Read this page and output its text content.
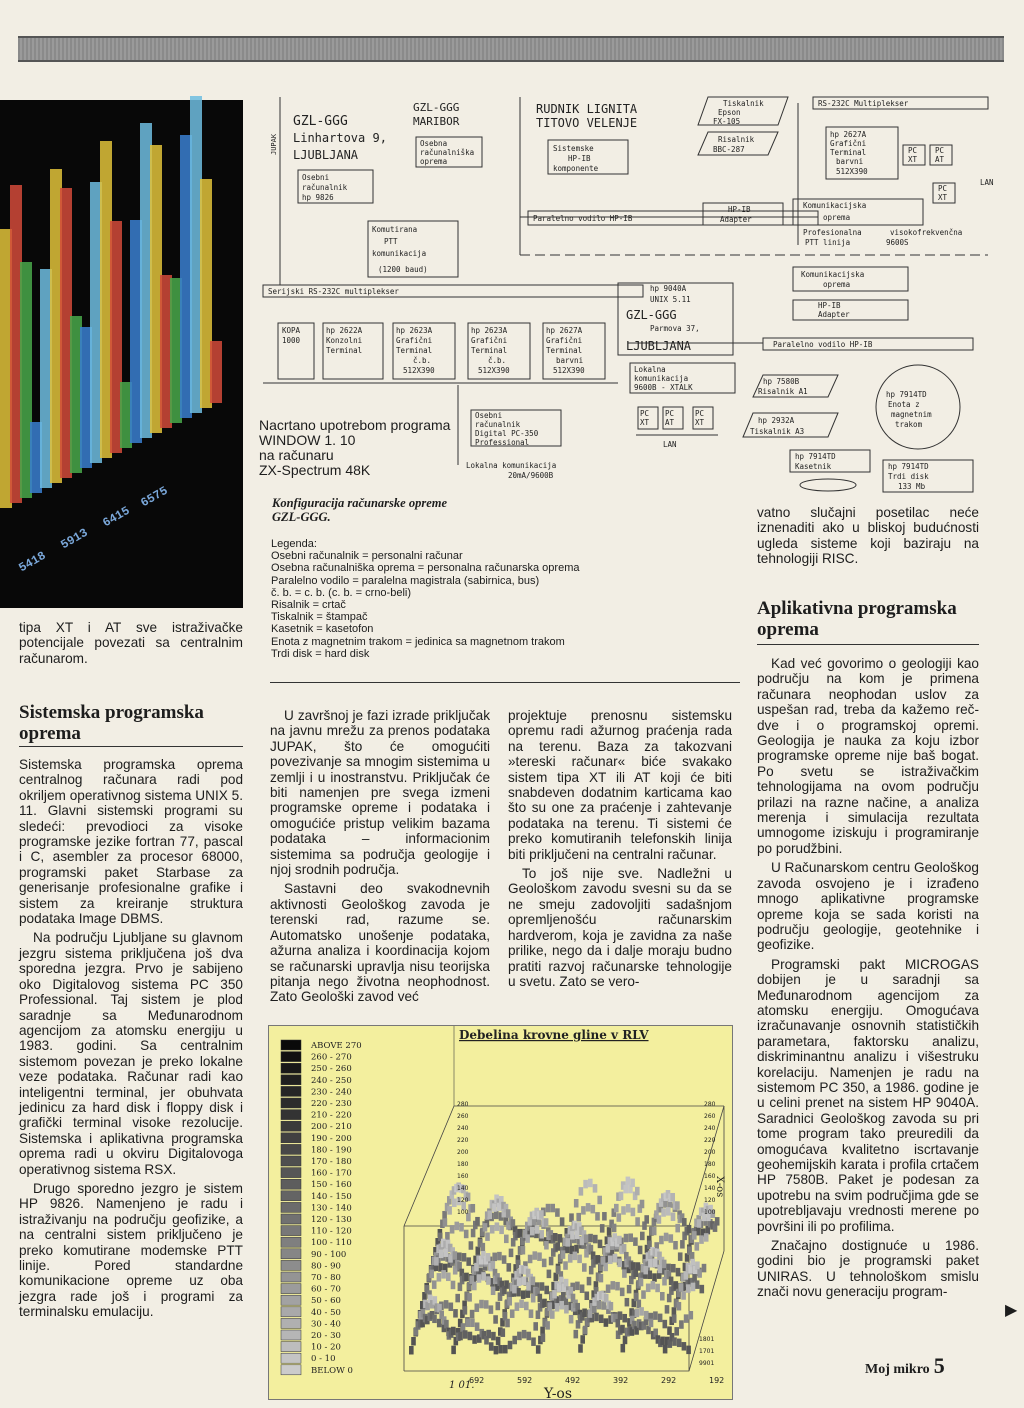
5418
5913
6415
6575
JUPAK
GZL-GGG
Linhartova 9,
LJUBLJANA
Osebni
računalnik
hp 9826
GZL-GGG
MARIBOR
Osebna
računalniška
oprema
Komutirana
PTT
komunikacija
(1200 baud)
RUDNIK LIGNITA
TITOVO VELENJE
Sistemske
HP-IB
komponente
Paralelno vodilo HP-IB
Tiskalnik
Epson
FX-105
Risalnik
BBC-287
HP-IB
Adapter
RS-232C Multiplekser
LAN
hp 2627A
Grafični
Terminal
barvni
512X390
PC
XT
PC
AT
PC
XT
Komunikacijska
oprema
Profesionalna	visokofrekvenčna
PTT linija	9600S
Serijski RS-232C multiplekser
KOPA
1000
hp 2622A
Konzolni
Terminal
hp 2623A
Grafični
Terminal
č.b.
512X390
hp 2623A
Grafični
Terminal
č.b.
512X390
hp 2627A
Grafični
Terminal
barvni
512X390
hp 9040A
UNIX 5.11
GZL-GGG
Parmova 37,
LJUBLJANA
Komunikacijska
oprema
HP-IB
Adapter
Paralelno vodilo HP-IB
Lokalna
komunikacija
9600B - XTALK
PC
XT
PC
AT
PC
XT
LAN
hp 7580B
Risalnik A1
hp 2932A
Tiskalnik A3
hp 7914TD
Enota z
magnetnim
trakom
hp 7914TD
Kasetnik	hp 7914TD
Trdi disk
133 Mb
Osebni
računalnik
Digital PC-350
Professional
Lokalna komunikacija
20mA/9600B
Nacrtano upotrebom programa
WINDOW 1. 10
na računaru
ZX-Spectrum 48K
Konfiguracija računarske opreme
GZL-GGG.
Legenda:
Osebni računalnik = personalni računar
Osebna računalniška oprema = personalna računarska oprema
Paralelno vodilo = paralelna magistrala (sabirnica, bus)
č. b. = c. b. (c. b. = crno-beli)
Risalnik = crtač
Tiskalnik = štampač
Kasetnik = kasetofon
Enota z magnetnim trakom = jedinica sa magnetnom trakom
Trdi disk = hard disk

tipa XT i AT sve istraživačke potencijale povezati sa centralnim računarom.

Sistemska programska oprema

Sistemska programska oprema centralnog računara radi pod okriljem operativnog sistema UNIX 5. 11. Glavni sistemski programi su sledeći: prevodioci za visoke programske jezike fortran 77, pascal i C, asembler za procesor 68000, programski paket Starbase za generisanje profesionalne grafike i sistem za kreiranje struktura podataka Image DBMS.

Na području Ljubljane su glavnom jezgru sistema priključena još dva sporedna jezgra. Prvo je sabijeno oko Digitalovog sistema PC 350 Professional. Taj sistem je plod saradnje sa Međunarodnom agencijom za atomsku energiju u 1983. godini. Sa centralnim sistemom povezan je preko lokalne veze podataka. Računar radi kao inteligentni terminal, jer obuhvata jedinicu za hard disk i floppy disk i grafički terminal visoke rezolucije. Sistemska i aplikativna programska oprema radi u okviru Digitalovoga operativnog sistema RSX.

Drugo sporedno jezgro je sistem HP 9826. Namenjeno je radu i istraživanju na području geofizike, a na centralni sistem priključeno je preko komutirane modemske PTT linije. Pored standardne komunikacione opreme uz oba jezgra rade još i programi za terminalsku emulaciju.

U završnoj je fazi izrade priključak na javnu mrežu za prenos podataka JUPAK, što će omogućiti povezivanje sa mnogim sistemima u zemlji i u inostranstvu. Priključak će biti namenjen pre svega izmeni programske opreme i podataka i omogućiće pristup velikim bazama podataka – informacionim sistemima sa područja geologije i njoj srodnih područja.

Sastavni deo svakodnevnih aktivnosti Geološkog zavoda je terenski rad, razume se. Automatsko unošenje podataka, ažurna analiza i koordinacija kojom se računarski upravlja nisu teorijska pitanja nego životna neophodnost. Zato Geološki zavod već

projektuje prenosnu sistemsku opremu radi ažurnog praćenja rada na terenu. Baza za takozvani »tereski računar« biće svakako sistem tipa XT ili AT koji će biti snabdeven dodatnim karticama kao što su one za praćenje i zahtevanje podataka na terenu. Ti sistemi će preko komutiranih telefonskih linija biti priključeni na centralni računar.

To još nije sve. Nadležni u Geološkom zavodu svesni su da se ne smeju zadovoljiti sadašnjom opremljenošću računarskim hardverom, koja je zavidna za naše prilike, nego da i dalje moraju budno pratiti razvoj računarske tehnologije u svetu. Zato se vero-

vatno slučajni posetilac neće iznenaditi ako u bliskoj budućnosti ugleda sisteme koji baziraju na tehnologiji RISC.

Aplikativna programska oprema

Kad već govorimo o geologiji kao području na kom je primena računara neophodan uslov za uspešan rad, treba da kažemo reč-dve i o programskoj opremi. Geologija je nauka za koju izbor programske opreme nije baš bogat. Po svetu se istraživačkim tehnologijama na ovom području prilazi na razne načine, a analiza merenja i simulacija rezultata umnogome iziskuju i programiranje po porudžbini.

U Računarskom centru Geološkog zavoda osvojeno je i izrađeno mnogo aplikativne programske opreme koja se sada koristi na području geologije, geotehnike i geofizike.

Programski pakt MICROGAS dobijen je u saradnji sa Međunarodnom agencijom za atomsku energiju. Omogućava izračunavanje osnovnih statističkih parametara, faktorsku analizu, diskriminantnu analizu i višestruku korelaciju. Namenjen je radu na sistemom PC 350, a 1986. godine je u celini prenet na sistem HP 9040A. Saradnici Geološkog zavoda su pri tome program tako preuredili da omogućava kvalitetno iscrtavanje geohemijskih karata i profila crtačem HP 7580B. Paket je podesan za upotrebu na svim područjima gde se upotrebljavaju vrednosti merene po površini ili po profilima.

Značajno dostignuće u 1986. godini bio je programski paket UNIRAS. U tehnološkom smislu znači novu generaciju program-

Debelina krovne gline v RLV
ABOVE 270
260 - 270
250 - 260
240 - 250
230 - 240
220 - 230
210 - 220
200 - 210
190 - 200
180 - 190
170 - 180
160 - 170
150 - 160
140 - 150
130 - 140
120 - 130
110 - 120
100 - 110
90 - 100
80 - 90
70 - 80
60 - 70
50 - 60
40 - 50
30 - 40
20 - 30
10 - 20
0 - 10
BELOW 0
1 01.
Y-os
X-os
692	592	492	392	292	192
280
260
240
220
200
180
160
140
120
100
280
260
240
220
200
180
160
140
120
100
1801
1701
9901	Moj mikro 5
▶
